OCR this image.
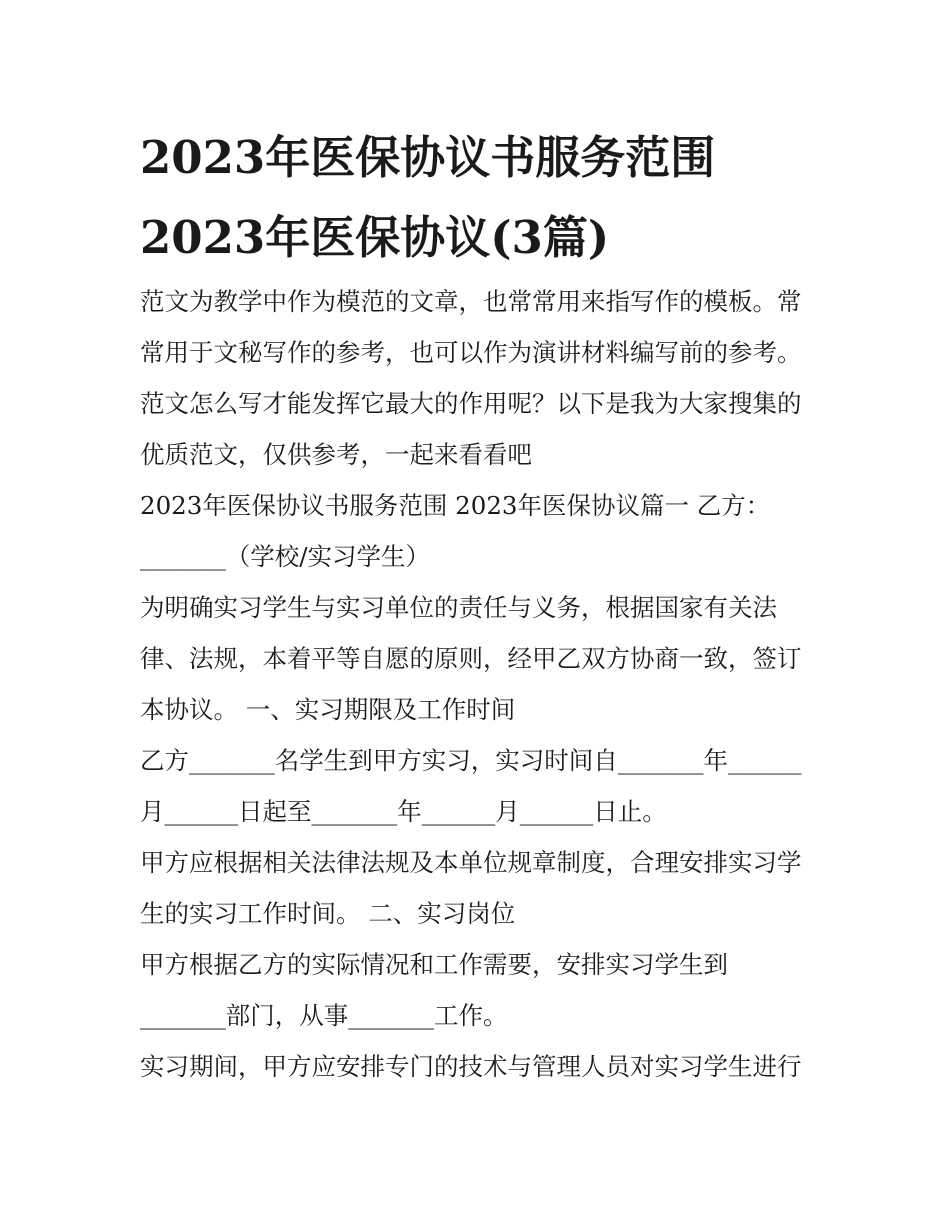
2023年医保协议书服务范围
2023年医保协议(3篇)

范文为教学中作为模范的文章，也常常用来指写作的模板。常

常用于文秘写作的参考，也可以作为演讲材料编写前的参考。

范文怎么写才能发挥它最大的作用呢？以下是我为大家搜集的

优质范文，仅供参考，一起来看看吧

2023年医保协议书服务范围 2023年医保协议篇一 乙方：

_______（学校/实习学生）

为明确实习学生与实习单位的责任与义务，根据国家有关法

律、法规，本着平等自愿的原则，经甲乙双方协商一致，签订

本协议。 一、实习期限及工作时间

乙方_______名学生到甲方实习，实习时间自_______年______

月______日起至_______年______月______日止。

甲方应根据相关法律法规及本单位规章制度，合理安排实习学

生的实习工作时间。 二、实习岗位

甲方根据乙方的实际情况和工作需要，安排实习学生到

_______部门，从事_______工作。

实习期间，甲方应安排专门的技术与管理人员对实习学生进行
